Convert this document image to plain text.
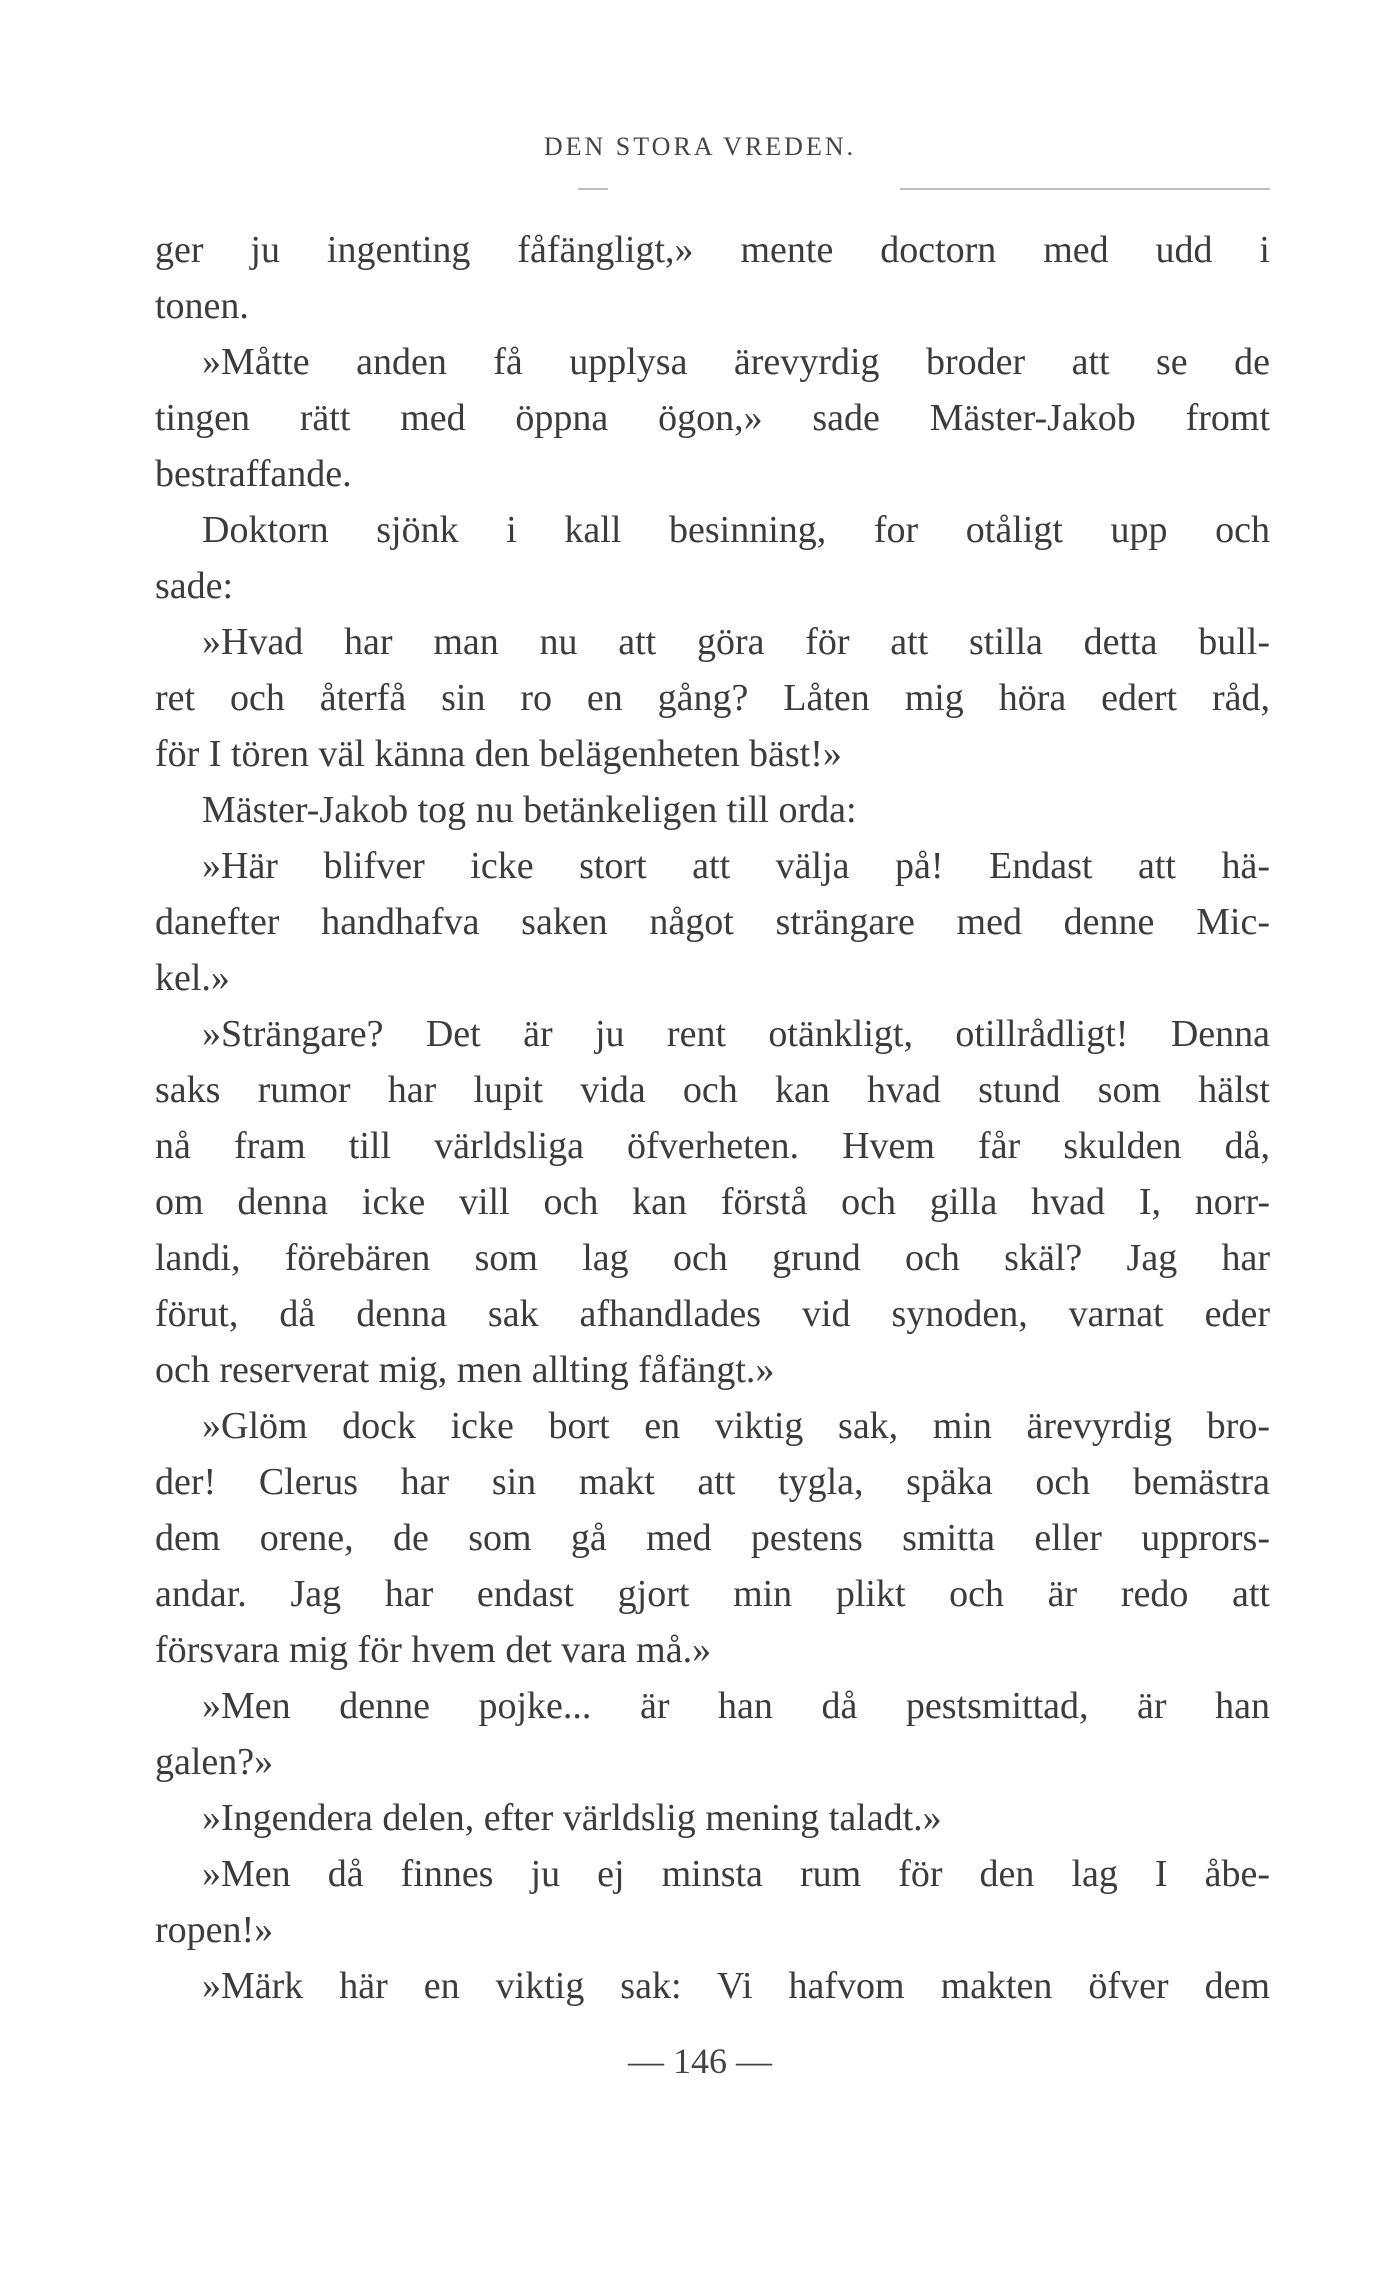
DEN STORA VREDEN.
ger ju ingenting fåfängligt,» mente doctorn med udd i
tonen.
»Måtte anden få upplysa ärevyrdig broder att se de
tingen rätt med öppna ögon,» sade Mäster-Jakob fromt
bestraffande.
Doktorn sjönk i kall besinning, for otåligt upp och
sade:
»Hvad har man nu att göra för att stilla detta bull-
ret och återfå sin ro en gång? Låten mig höra edert råd,
för I tören väl känna den belägenheten bäst!»
Mäster-Jakob tog nu betänkeligen till orda:
»Här blifver icke stort att välja på! Endast att hä-
danefter handhafva saken något strängare med denne Mic-
kel.»
»Strängare? Det är ju rent otänkligt, otillrådligt! Denna
saks rumor har lupit vida och kan hvad stund som hälst
nå fram till världsliga öfverheten. Hvem får skulden då,
om denna icke vill och kan förstå och gilla hvad I, norr-
landi, förebären som lag och grund och skäl? Jag har
förut, då denna sak afhandlades vid synoden, varnat eder
och reserverat mig, men allting fåfängt.»
»Glöm dock icke bort en viktig sak, min ärevyrdig bro-
der! Clerus har sin makt att tygla, späka och bemästra
dem orene, de som gå med pestens smitta eller upprors-
andar. Jag har endast gjort min plikt och är redo att
försvara mig för hvem det vara må.»
»Men denne pojke... är han då pestsmittad, är han
galen?»
»Ingendera delen, efter världslig mening taladt.»
»Men då finnes ju ej minsta rum för den lag I åbe-
ropen!»
»Märk här en viktig sak: Vi hafvom makten öfver dem
— 146 —
